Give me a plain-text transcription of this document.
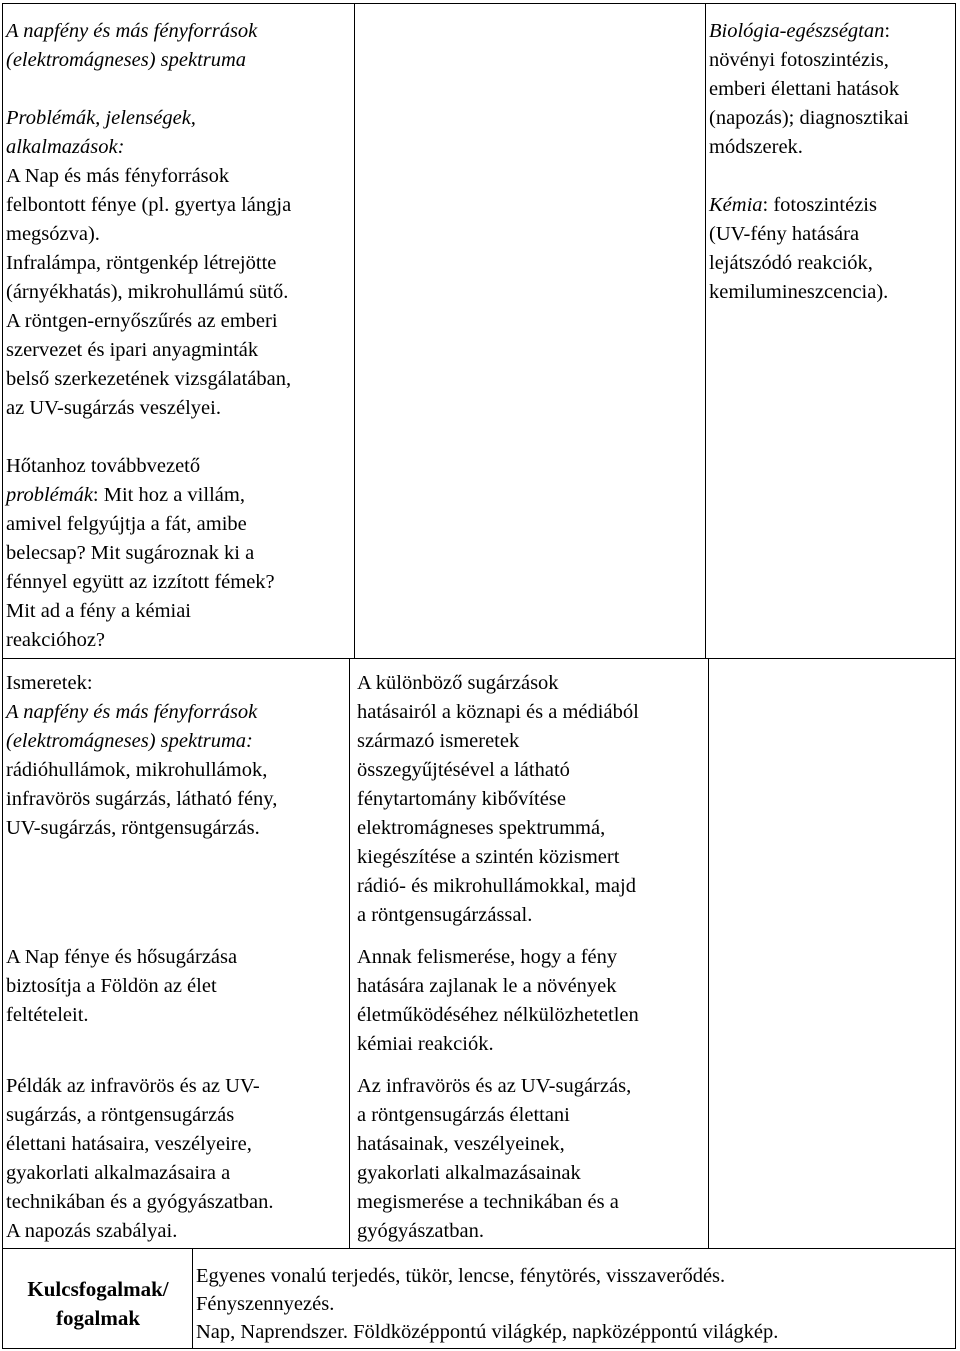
A napfény és más fényforrások
(elektromágneses) spektruma
Problémák, jelenségek,
alkalmazások:
A Nap és más fényforrások
felbontott fénye (pl. gyertya lángja
megsózva).
Infralámpa, röntgenkép létrejötte
(árnyékhatás), mikrohullámú sütő.
A röntgen-ernyőszűrés az emberi
szervezet és ipari anyagminták
belső szerkezetének vizsgálatában,
az UV-sugárzás veszélyei.
Hőtanhoz továbbvezető
problémák: Mit hoz a villám,
amivel felgyújtja a fát, amibe
belecsap? Mit sugároznak ki a
fénnyel együtt az izzított fémek?
Mit ad a fény a kémiai
reakcióhoz?
Biológia-egészségtan:
növényi fotoszintézis,
emberi élettani hatások
(napozás); diagnosztikai
módszerek.
Kémia: fotoszintézis
(UV-fény hatására
lejátszódó reakciók,
kemilumineszcencia).
Ismeretek:
A napfény és más fényforrások
(elektromágneses) spektruma:
rádióhullámok, mikrohullámok,
infravörös sugárzás, látható fény,
UV-sugárzás, röntgensugárzás.
A Nap fénye és hősugárzása
biztosítja a Földön az élet
feltételeit.
Példák az infravörös és az UV-
sugárzás, a röntgensugárzás
élettani hatásaira, veszélyeire,
gyakorlati alkalmazásaira a
technikában és a gyógyászatban.
A napozás szabályai.
A különböző sugárzások
hatásairól a köznapi és a médiából
származó ismeretek
összegyűjtésével a látható
fénytartomány kibővítése
elektromágneses spektrummá,
kiegészítése a szintén közismert
rádió- és mikrohullámokkal, majd
a röntgensugárzással.
Annak felismerése, hogy a fény
hatására zajlanak le a növények
életműködéséhez nélkülözhetetlen
kémiai reakciók.
Az infravörös és az UV-sugárzás,
a röntgensugárzás élettani
hatásainak, veszélyeinek,
gyakorlati alkalmazásainak
megismerése a technikában és a
gyógyászatban.
Kulcsfogalmak/
fogalmak
Egyenes vonalú terjedés, tükör, lencse, fénytörés, visszaverődés.
Fényszennyezés.
Nap, Naprendszer. Földközéppontú világkép, napközéppontú világkép.
